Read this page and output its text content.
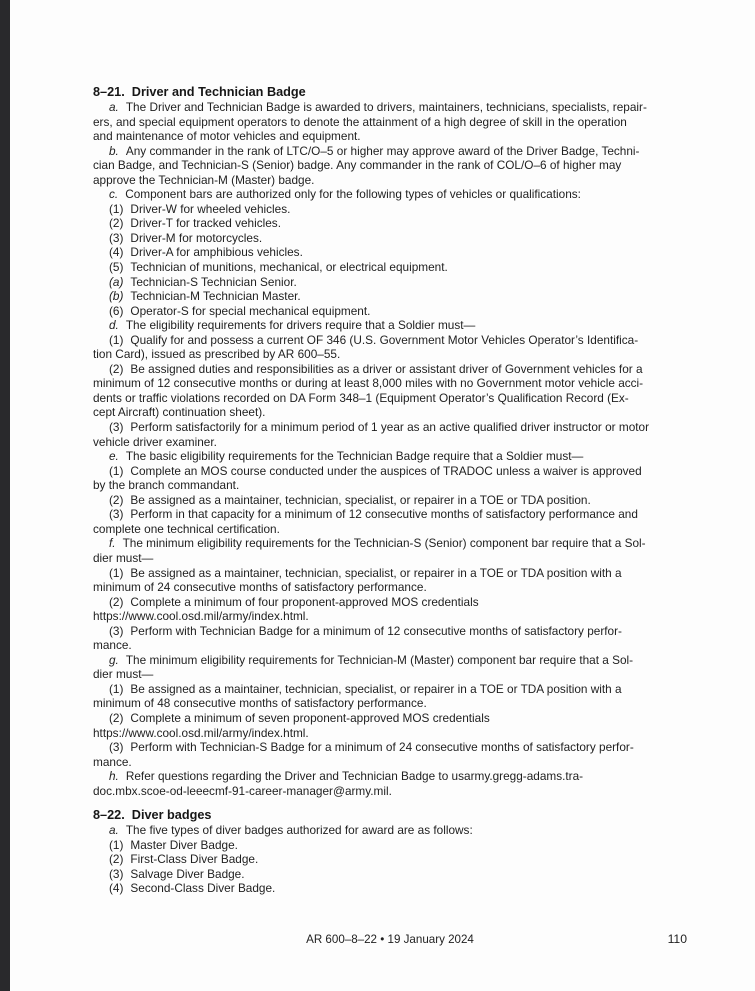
8–21.  Driver and Technician Badge

a. The Driver and Technician Badge is awarded to drivers, maintainers, technicians, specialists, repair-
ers, and special equipment operators to denote the attainment of a high degree of skill in the operation
and maintenance of motor vehicles and equipment.

b. Any commander in the rank of LTC/O–5 or higher may approve award of the Driver Badge, Techni-
cian Badge, and Technician-S (Senior) badge. Any commander in the rank of COL/O–6 of higher may
approve the Technician-M (Master) badge.

c. Component bars are authorized only for the following types of vehicles or qualifications:

(1) Driver-W for wheeled vehicles.

(2) Driver-T for tracked vehicles.

(3) Driver-M for motorcycles.

(4) Driver-A for amphibious vehicles.

(5) Technician of munitions, mechanical, or electrical equipment.

(a) Technician-S Technician Senior.

(b) Technician-M Technician Master.

(6) Operator-S for special mechanical equipment.

d. The eligibility requirements for drivers require that a Soldier must—

(1) Qualify for and possess a current OF 346 (U.S. Government Motor Vehicles Operator’s Identifica-
tion Card), issued as prescribed by AR 600–55.

(2) Be assigned duties and responsibilities as a driver or assistant driver of Government vehicles for a
minimum of 12 consecutive months or during at least 8,000 miles with no Government motor vehicle acci-
dents or traffic violations recorded on DA Form 348–1 (Equipment Operator’s Qualification Record (Ex-
cept Aircraft) continuation sheet).

(3) Perform satisfactorily for a minimum period of 1 year as an active qualified driver instructor or motor
vehicle driver examiner.

e. The basic eligibility requirements for the Technician Badge require that a Soldier must—

(1) Complete an MOS course conducted under the auspices of TRADOC unless a waiver is approved
by the branch commandant.

(2) Be assigned as a maintainer, technician, specialist, or repairer in a TOE or TDA position.

(3) Perform in that capacity for a minimum of 12 consecutive months of satisfactory performance and
complete one technical certification.

f. The minimum eligibility requirements for the Technician-S (Senior) component bar require that a Sol-
dier must—

(1) Be assigned as a maintainer, technician, specialist, or repairer in a TOE or TDA position with a
minimum of 24 consecutive months of satisfactory performance.

(2) Complete a minimum of four proponent-approved MOS credentials
https://www.cool.osd.mil/army/index.html.

(3) Perform with Technician Badge for a minimum of 12 consecutive months of satisfactory perfor-
mance.

g. The minimum eligibility requirements for Technician-M (Master) component bar require that a Sol-
dier must—

(1) Be assigned as a maintainer, technician, specialist, or repairer in a TOE or TDA position with a
minimum of 48 consecutive months of satisfactory performance.

(2) Complete a minimum of seven proponent-approved MOS credentials
https://www.cool.osd.mil/army/index.html.

(3) Perform with Technician-S Badge for a minimum of 24 consecutive months of satisfactory perfor-
mance.

h. Refer questions regarding the Driver and Technician Badge to usarmy.gregg-adams.tra-
doc.mbx.scoe-od-leeecmf-91-career-manager@army.mil.

8–22.  Diver badges

a. The five types of diver badges authorized for award are as follows:

(1) Master Diver Badge.

(2) First-Class Diver Badge.

(3) Salvage Diver Badge.

(4) Second-Class Diver Badge.

AR 600–8–22 • 19 January 2024	110
